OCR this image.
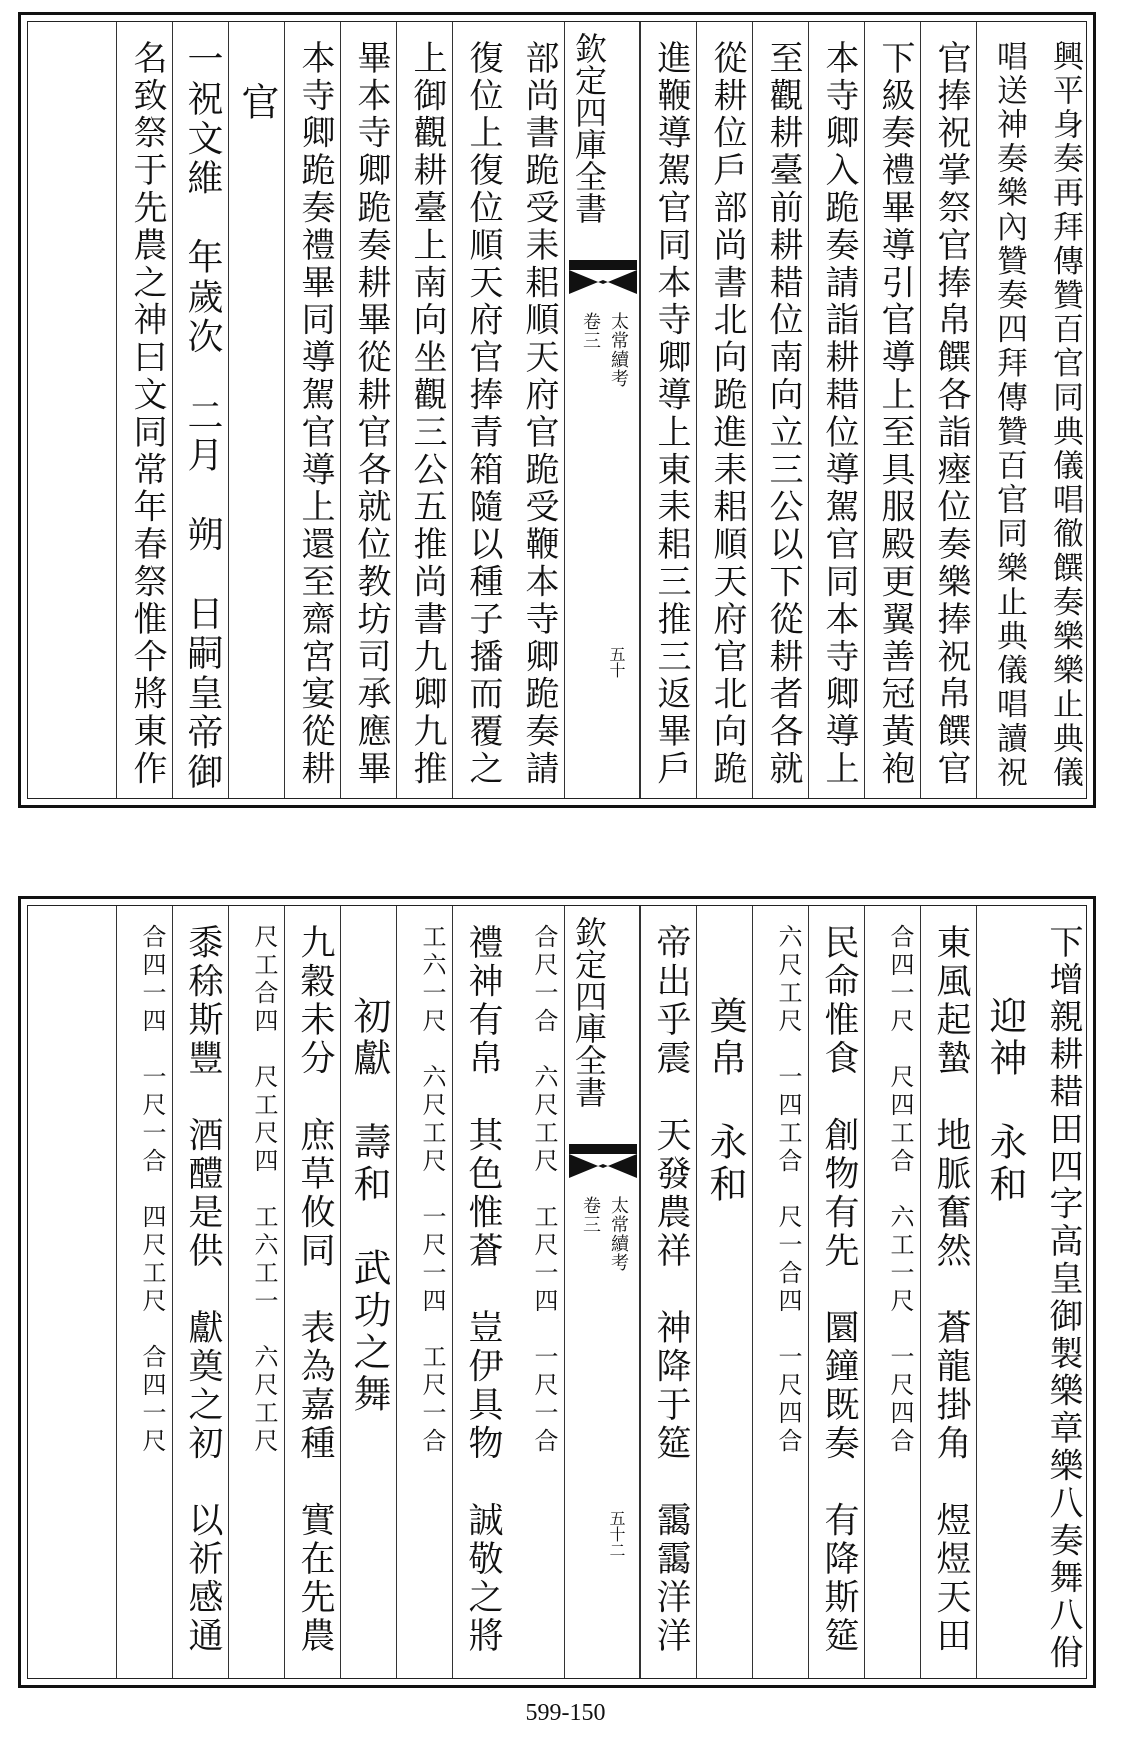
興平身奏再拜傳贊百官同典儀唱徹饌奏樂樂止典儀
唱送神奏樂內贊奏四拜傳贊百官同樂止典儀唱讀祝
官捧祝掌祭官捧帛饌各詣瘞位奏樂捧祝帛饌官
下級奏禮畢導引官導上至具服殿更翼善冠黃袍
本寺卿入跪奏請詣耕耤位導駕官同本寺卿導上
至觀耕臺前耕耤位南向立三公以下從耕者各就
從耕位戶部尚書北向跪進耒耜順天府官北向跪
進鞭導駕官同本寺卿導上東耒耜三推三返畢戶
欽定四庫全書
太常續考
卷三
五十
部尚書跪受耒耜順天府官跪受鞭本寺卿跪奏請
復位上復位順天府官捧青箱隨以種子播而覆之
上御觀耕臺上南向坐觀三公五推尚書九卿九推
畢本寺卿跪奏耕畢從耕官各就位教坊司承應畢
本寺卿跪奏禮畢同導駕官導上還至齋宮宴從耕
官
一祝文維　年歲次　二月　朔　日嗣皇帝御
名致祭于先農之神曰文同常年春祭惟仐將東作
下增親耕耤田四字高皇御製樂章樂八奏舞八佾
迎神　永和
東風起蟄　地脈奮然　蒼龍掛角　煜煜天田
合四一尺　尺四工合　六工一尺　一尺四合
民命惟食　創物有先　圜鐘既奏　有降斯筵
六尺工尺　一四工合　尺一合四　一尺四合
奠帛　永和
帝出乎震　天發農祥　神降于筵　靄靄洋洋
欽定四庫全書
太常續考
卷三
五十二
合尺一合　六尺工尺　工尺一四　一尺一合
禮神有帛　其色惟蒼　豈伊具物　誠敬之將
工六一尺　六尺工尺　一尺一四　工尺一合
初獻　壽和　武功之舞
九穀未分　庶草攸同　表為嘉種　實在先農
尺工合四　尺工尺四　工六工一　六尺工尺
黍稌斯豐　酒醴是供　獻奠之初　以祈感通
合四一四　一尺一合　四尺工尺　合四一尺
599-150
